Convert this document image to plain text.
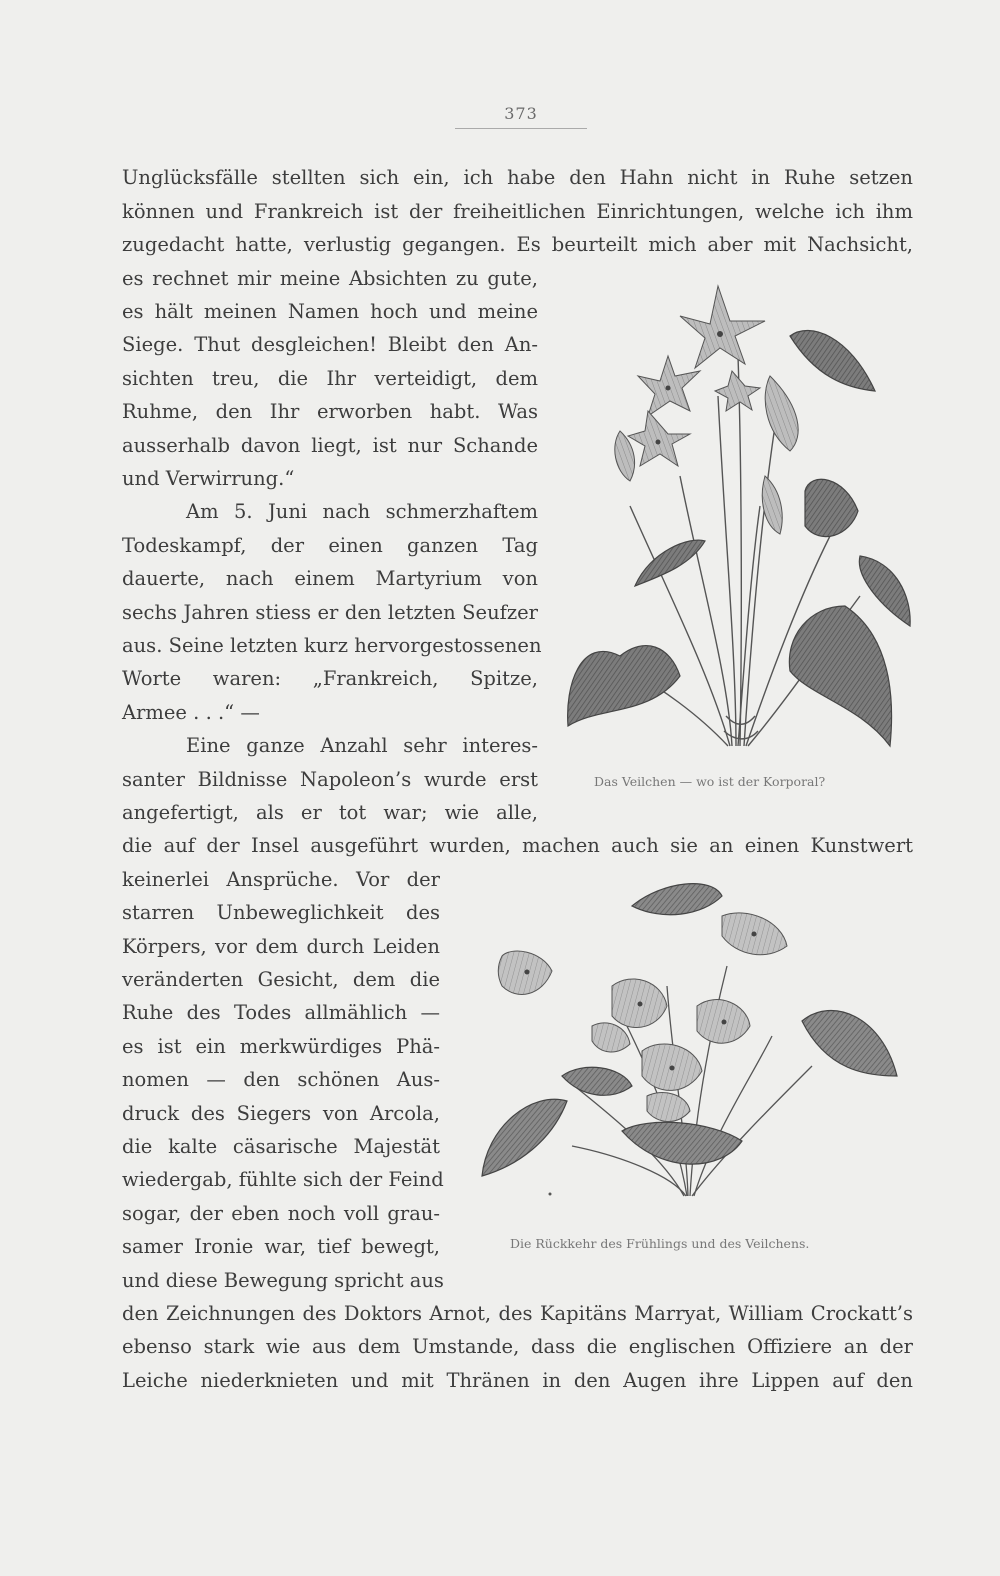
373
Unglücksfälle stellten sich ein, ich habe den Hahn nicht in Ruhe setzen
können und Frankreich ist der freiheitlichen Einrichtungen, welche ich ihm
zugedacht hatte, verlustig gegangen. Es beurteilt mich aber mit Nachsicht,
es rechnet mir meine Absichten zu gute,
es hält meinen Namen hoch und meine
Siege. Thut desgleichen! Bleibt den An-
sichten treu, die Ihr verteidigt, dem
Ruhme, den Ihr erworben habt. Was
ausserhalb davon liegt, ist nur Schande
und Verwirrung.“
Am 5. Juni nach schmerzhaftem
Todeskampf, der einen ganzen Tag
dauerte, nach einem Martyrium von
sechs Jahren stiess er den letzten Seufzer
aus. Seine letzten kurz hervorgestossenen
Worte waren: „Frankreich, Spitze,
Armee . . .“ —
Eine ganze Anzahl sehr interes-
santer Bildnisse Napoleon’s wurde erst
angefertigt, als er tot war; wie alle,
die auf der Insel ausgeführt wurden, machen auch sie an einen Kunstwert
keinerlei Ansprüche. Vor der
starren Unbeweglichkeit des
Körpers, vor dem durch Leiden
veränderten Gesicht, dem die
Ruhe des Todes allmählich —
es ist ein merkwürdiges Phä-
nomen — den schönen Aus-
druck des Siegers von Arcola,
die kalte cäsarische Majestät
wiedergab, fühlte sich der Feind
sogar, der eben noch voll grau-
samer Ironie war, tief bewegt,
und diese Bewegung spricht aus
den Zeichnungen des Doktors Arnot, des Kapitäns Marryat, William Crockatt’s
ebenso stark wie aus dem Umstande, dass die englischen Offiziere an der
Leiche niederknieten und mit Thränen in den Augen ihre Lippen auf den
Das Veilchen — wo ist der Korporal?
Die Rückkehr des Frühlings und des Veilchens.
